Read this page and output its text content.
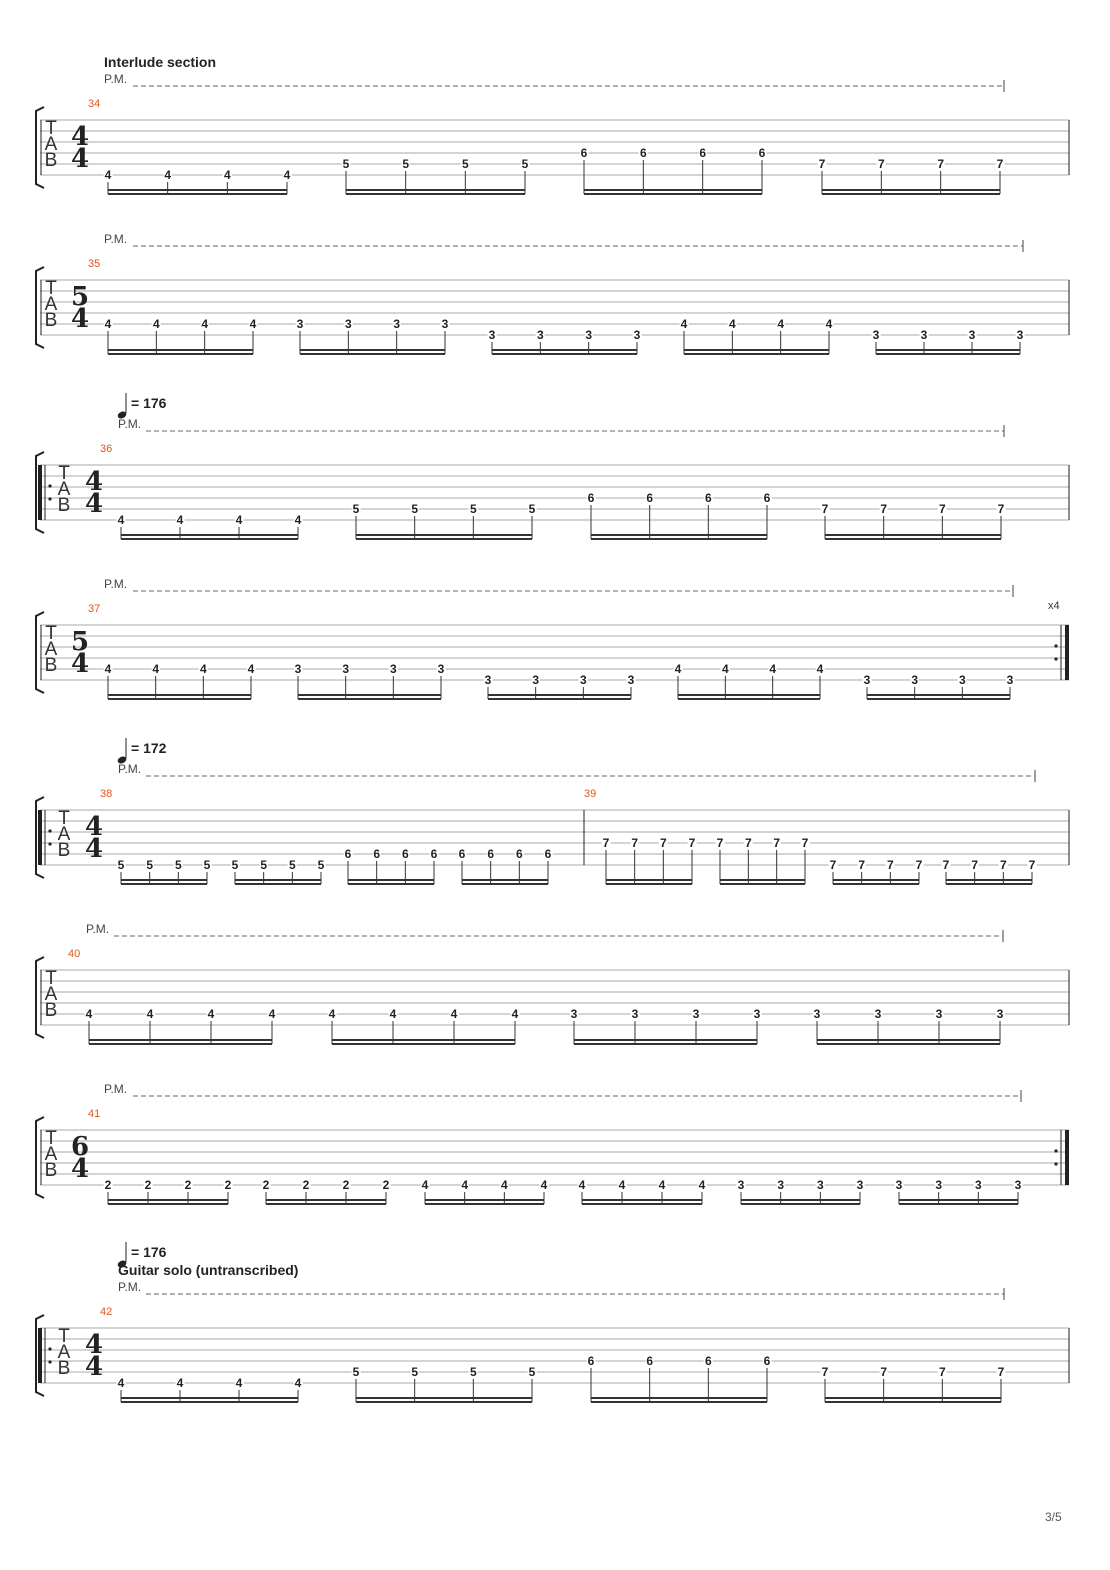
T
A
B
34
4
4
Interlude section
P.M.
4	4	4	4
5	5	5	5
6	6	6	6
7	7	7	7
T
A
B
35
5
4
P.M.
4	4	4	4	3	3	3	3
3	3	3	3
4	4	4	4
3	3	3	3
T
A
B
36
4
4
= 176
P.M.
4	4	4	4
5	5	5	5
6	6	6	6
7	7	7	7
T
A
B
37
5
4
P.M.
x4
4	4	4	4	3	3	3	3
3	3	3	3
4	4	4	4
3	3	3	3
T
A
B
38
4
4
39
= 172
P.M.
5 5 5 5 5 5 5 5
6 6 6 6 6 6 6 6
7 7 7 7 7 7 7 7
7 7 7 7 7 7 7 7
T
A
B
40
P.M.
4	4	4	4	4	4	4	4	3	3	3	3	3	3	3	3
T
A
B
41
6
4
P.M.
2	2	2	2	2	2	2	2	4	4	4	4	4	4	4	4	3	3	3	3	3	3	3	3
T
A
B
42
4
4
Guitar solo (untranscribed)
= 176
P.M.
4	4	4	4
5	5	5	5
6	6	6	6
7	7	7	7
3/5
